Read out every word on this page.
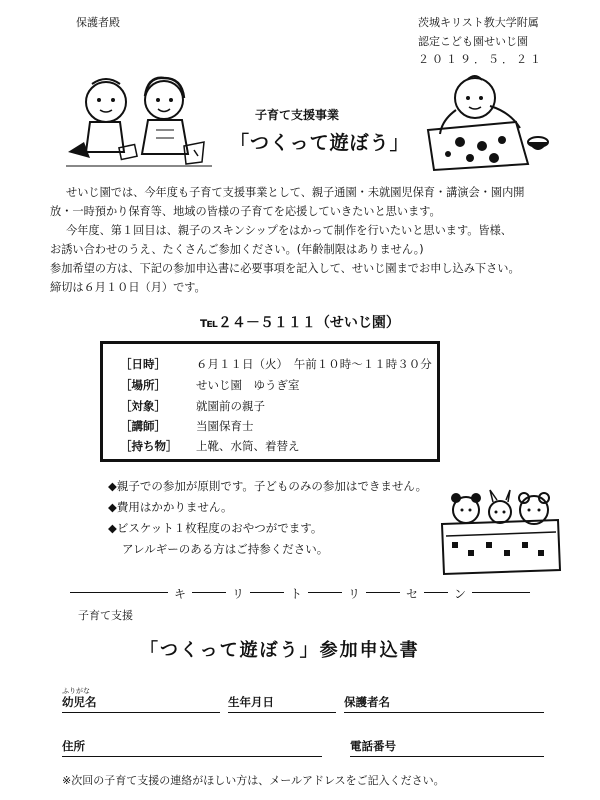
保護者殿	茨城キリスト教大学附属
認定こども園せいじ園
２０１９．５．２１
子育て支援事業
「つくって遊ぼう」
せいじ園では、今年度も子育て支援事業として、親子通園・未就園児保育・講演会・園内開
放・一時預かり保育等、地域の皆様の子育てを応援していきたいと思います。
今年度、第１回目は、親子のスキンシップをはかって制作を行いたいと思います。皆様、
お誘い合わせのうえ、たくさんご参加ください。(年齢制限はありません。)
参加希望の方は、下記の参加申込書に必要事項を記入して、せいじ園までお申し込み下さい。
締切は６月１０日（月）です。
℡２４－５１１１（せいじ園）
［日時］	６月１１日（火）　午前１０時～１１時３０分
［場所］	せいじ園　ゆうぎ室
［対象］	就園前の親子
［講師］	当園保育士
［持ち物］ 上靴、水筒、着替え
◆親子での参加が原則です。子どものみの参加はできません。
◆費用はかかりません。
◆ビスケット１枚程度のおやつがでます。
アレルギーのある方はご持参ください。
キ	リ	ト	リ	セ	ン
子育て支援
「つくって遊ぼう」参加申込書
ふりがな
幼児名	生年月日	保護者名
住所	電話番号
※次回の子育て支援の連絡がほしい方は、メールアドレスをご記入ください。
